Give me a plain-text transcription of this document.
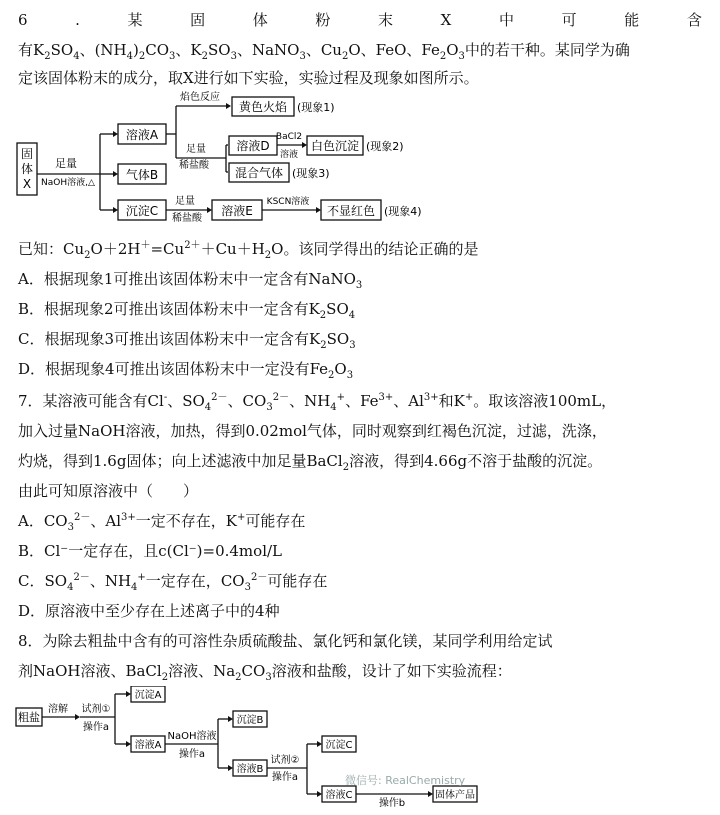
6	.	某	固	体	粉	末	X	中	可	能	含
有$K_2SO_4$、$(NH_4)_2CO_3$、$K_2SO_3$、NaNO$_3$、$Cu_2O$、FeO、$Fe_2O_3$中的若干种。某同学为确
定该固体粉末的成分，取X进行如下实验，实验过程及现象如图所示。
固
体
X
足量
NaOH溶液,△
溶液A
气体B
沉淀C
焰色反应
黄色火焰 (现象1)
足量
稀盐酸
溶液D
BaCl2
溶液
白色沉淀 (现象2)
混合气体 (现象3)
足量
稀盐酸
溶液E
KSCN溶液
不显红色 (现象4)
已知：$Cu_2O+2H^+=Cu^{2+}+Cu+H_2O$。该同学得出的结论正确的是
A．根据现象1可推出该固体粉末中一定含有NaNO$_3$
B．根据现象2可推出该固体粉末中一定含有$K_2SO_4$
C．根据现象3可推出该固体粉末中一定含有$K_2SO_3$
D．根据现象4可推出该固体粉末中一定没有$Fe_2O_3$
7．某溶液可能含有Cl-、$SO_4^{2-}$、$CO_3^{2-}$、$NH_4^+$、$Fe^{3+}$、$Al^{3+}$和K+。取该溶液100mL，
加入过量NaOH溶液，加热，得到0.02mol气体，同时观察到红褐色沉淀，过滤，洗涤，
灼烧，得到1.6g固体；向上述滤液中加足量BaCl$_2$溶液，得到4.66g不溶于盐酸的沉淀。
由此可知原溶液中（　　）
A．$CO_3^{2-}$、$Al^{3+}$一定不存在，K+可能存在
B．Cl⁻一定存在，且c(Cl⁻)=0.4mol/L
C．$SO_4^{2-}$、$NH_4^+$一定存在，$CO_3^{2-}$可能存在
D．原溶液中至少存在上述离子中的4种
8．为除去粗盐中含有的可溶性杂质硫酸盐、氯化钙和氯化镁，某同学利用给定试
剂NaOH溶液、BaCl$_2$溶液、$Na_2CO_3$溶液和盐酸，设计了如下实验流程：
粗盐
溶解 试剂①
操作a
沉淀A
溶液A
NaOH溶液
操作a
沉淀B
溶液B
试剂②
操作a
沉淀C
溶液C
操作b
固体产品
微信号: RealChemistry
